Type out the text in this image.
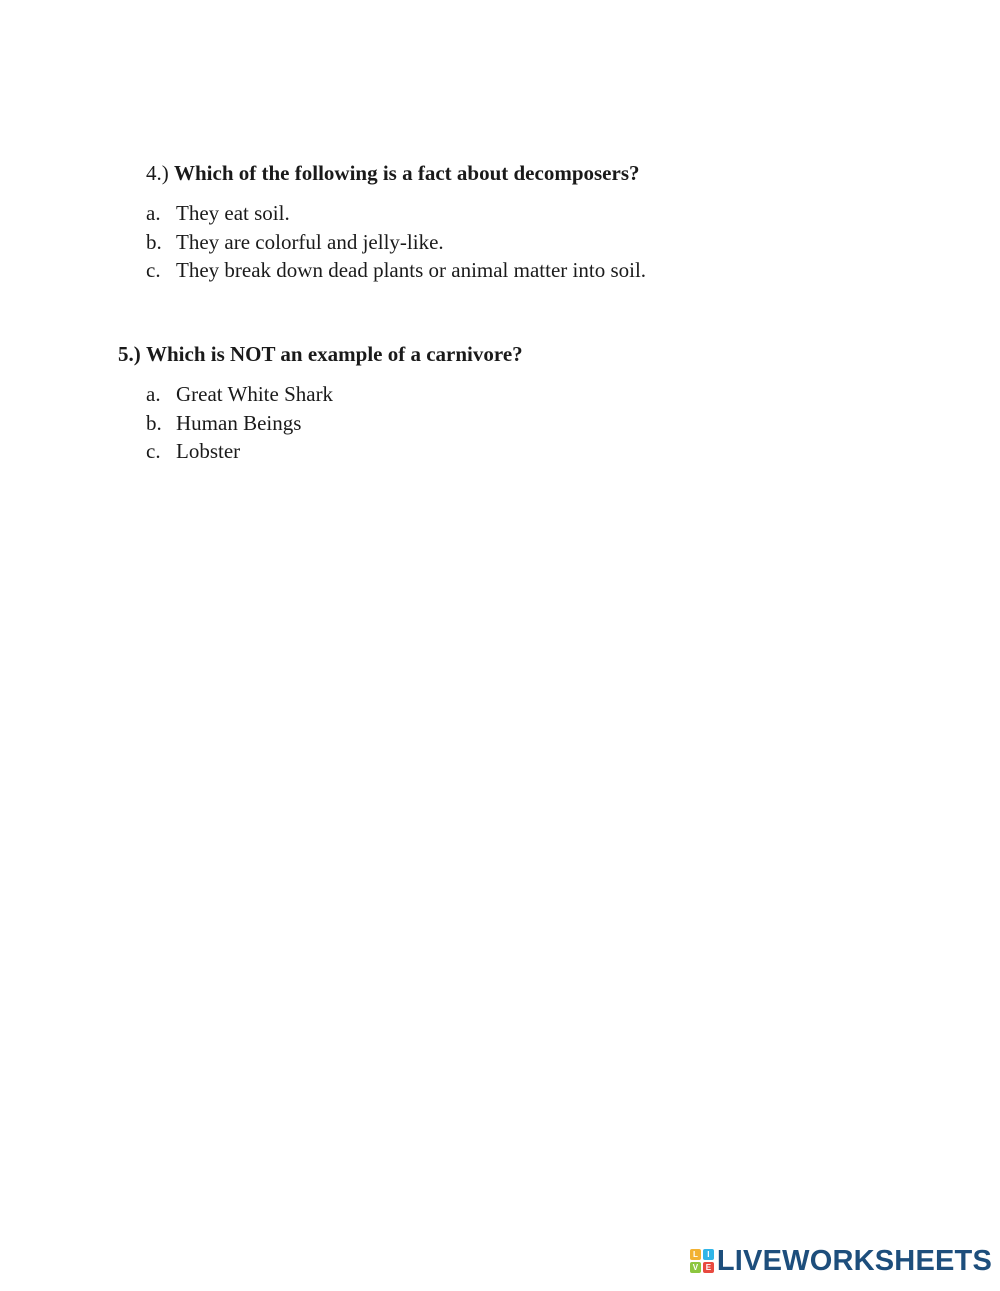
4.) Which of the following is a fact about decomposers?
a. They eat soil.
b. They are colorful and jelly-like.
c. They break down dead plants or animal matter into soil.
5.) Which is NOT an example of a carnivore?
a. Great White Shark
b. Human Beings
c. Lobster
L	I
V E LIVEWORKSHEETS
